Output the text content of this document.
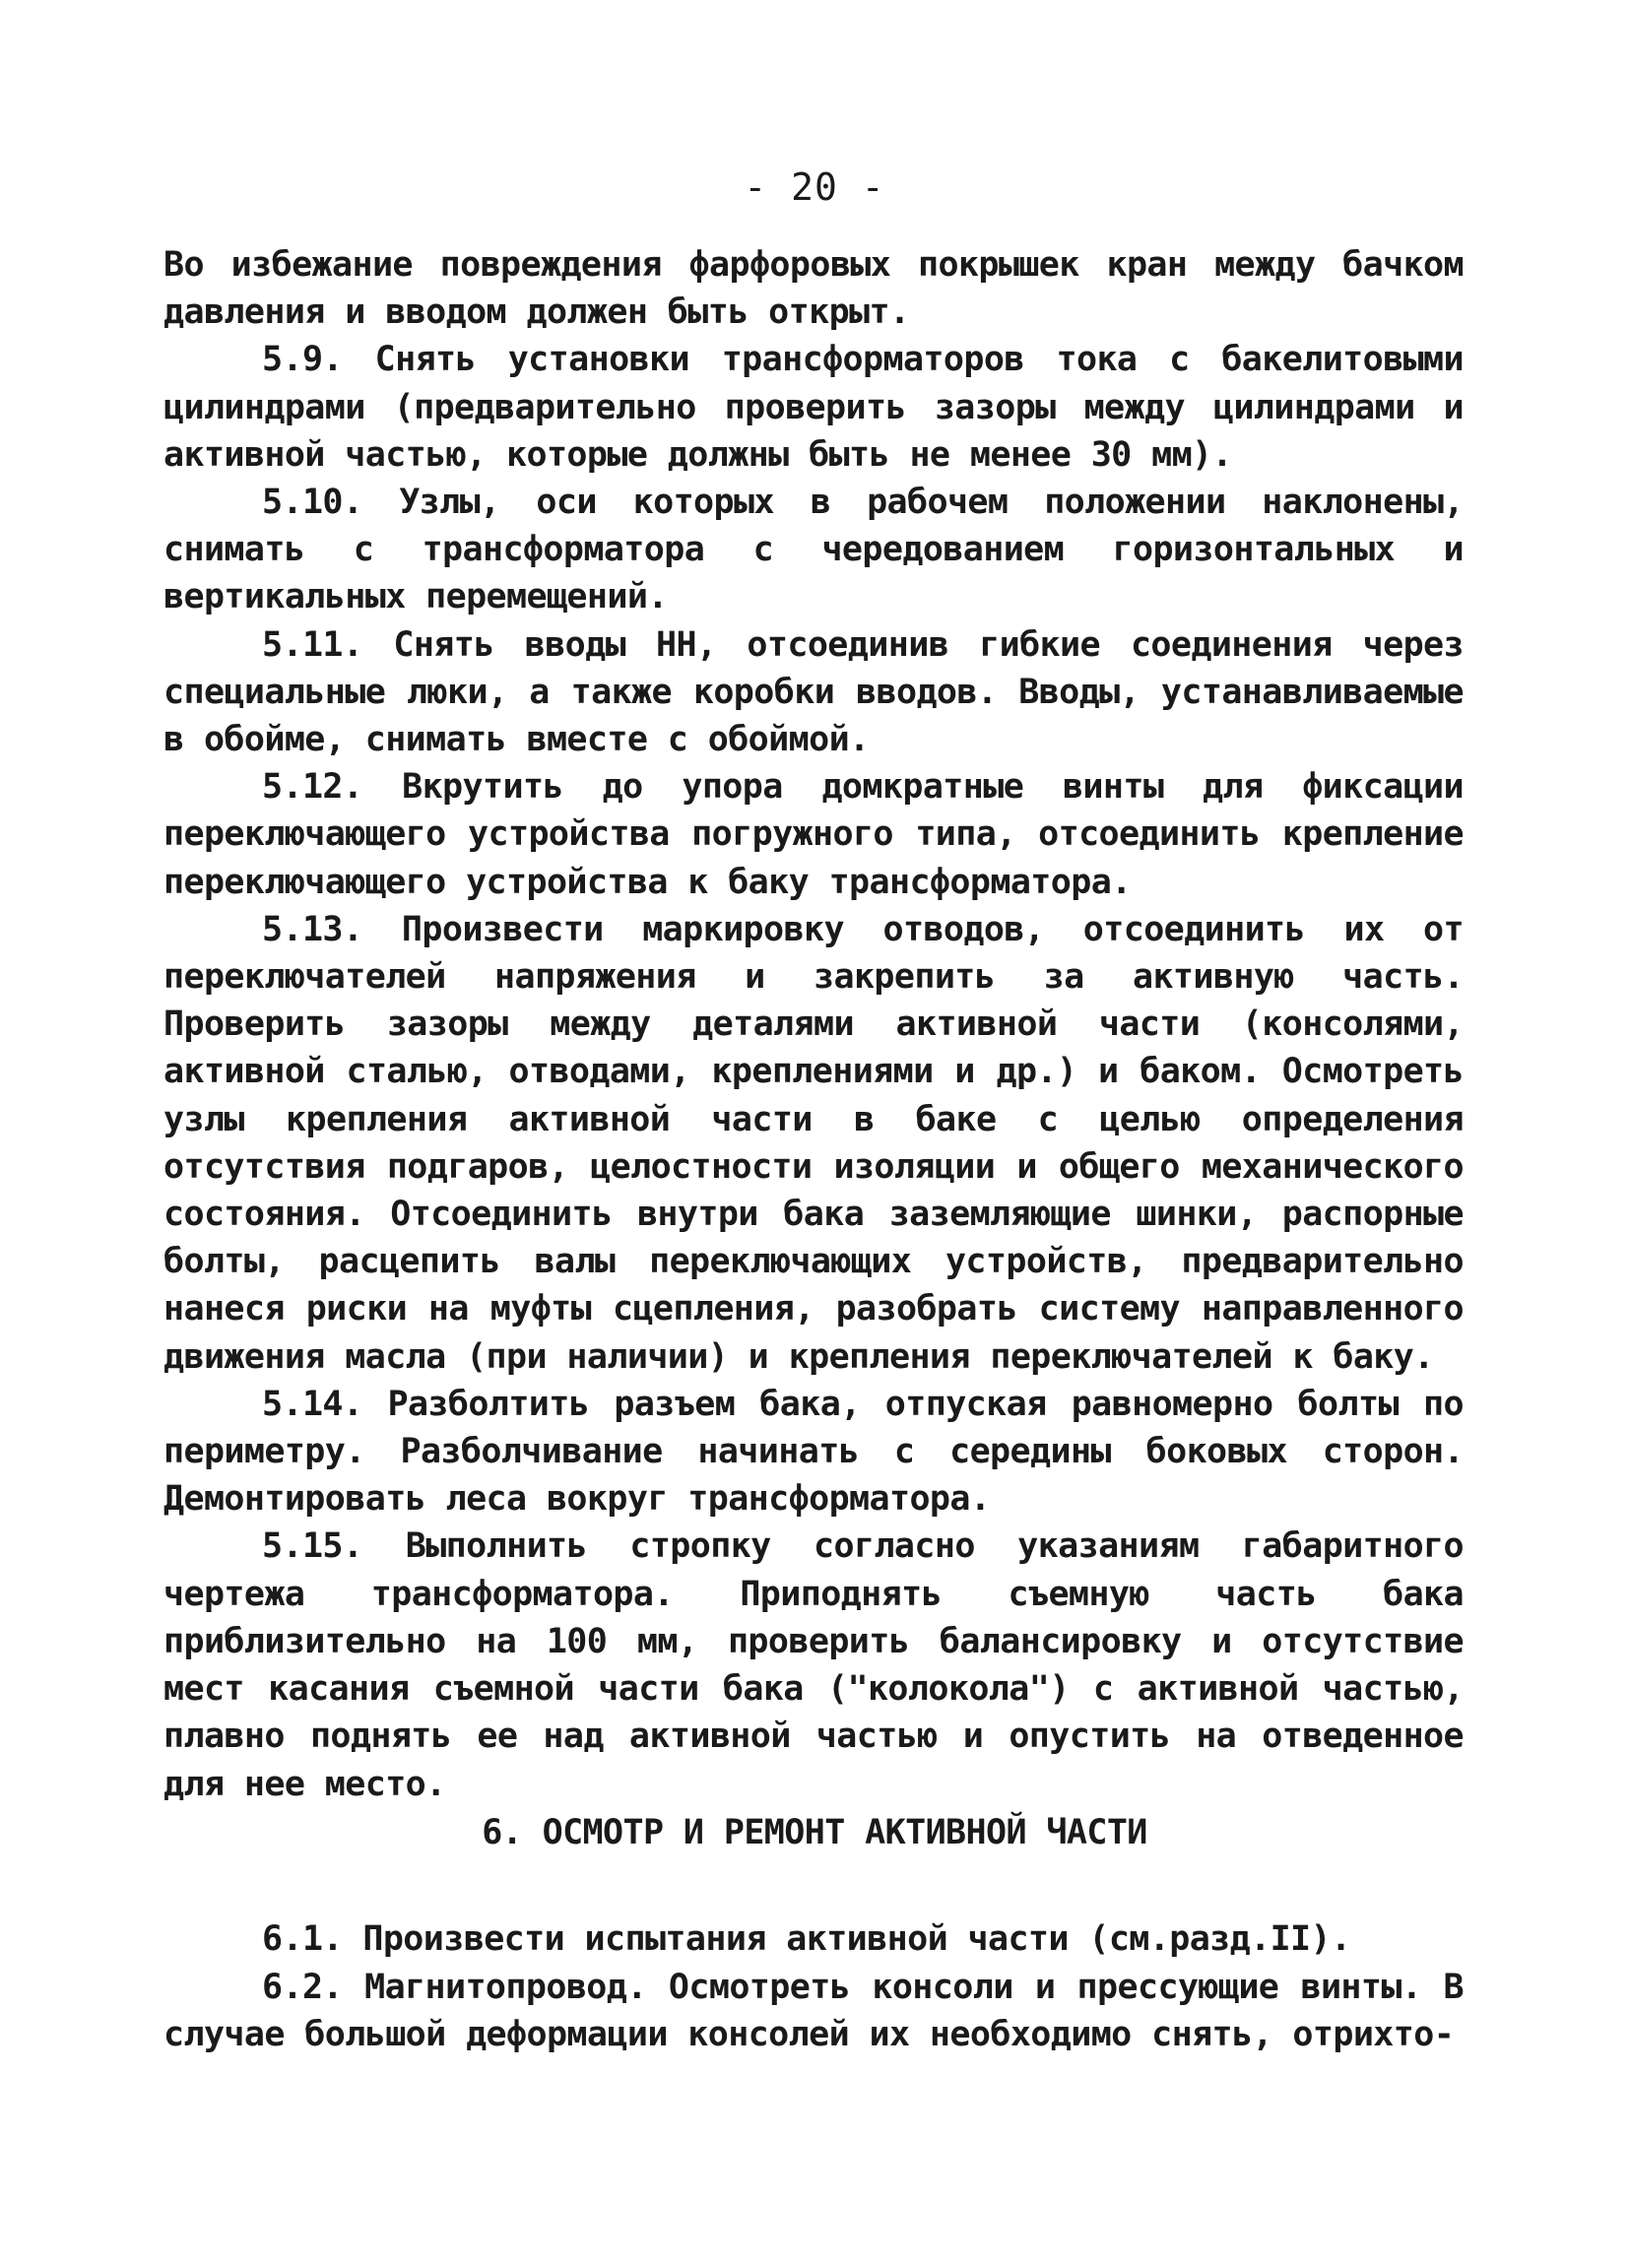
- 20 -

Во избежание повреждения фарфоровых покрышек кран между бачком давления и вводом должен быть открыт.

5.9. Снять установки трансформаторов тока с бакелитовыми цилиндрами (предварительно проверить зазоры между цилиндрами и активной частью, которые должны быть не менее 30 мм).

5.10. Узлы, оси которых в рабочем положении наклонены, снимать с трансформатора с чередованием горизонтальных и вертикальных перемещений.

5.11. Снять вводы НН, отсоединив гибкие соединения через специальные люки, а также коробки вводов. Вводы, устанавливаемые в обойме, снимать вместе с обоймой.

5.12. Вкрутить до упора домкратные винты для фиксации переключающего устройства погружного типа, отсоединить крепление переключающего устройства к баку трансформатора.

5.13. Произвести маркировку отводов, отсоединить их от переключателей напряжения и закрепить за активную часть. Проверить зазоры между деталями активной части (консолями, активной сталью, отводами, креплениями и др.) и баком. Осмотреть узлы крепления активной части в баке с целью определения отсутствия подгаров, целостности изоляции и общего механического состояния. Отсоединить внутри бака заземляющие шинки, распорные болты, расцепить валы переключающих устройств, предварительно нанеся риски на муфты сцепления, разобрать систему направленного движения масла (при наличии) и крепления переключателей к баку.

5.14. Разболтить разъем бака, отпуская равномерно болты по периметру. Разболчивание начинать с середины боковых сторон. Демонтировать леса вокруг трансформатора.

5.15. Выполнить стропку согласно указаниям габаритного чертежа трансформатора. Приподнять съемную часть бака приблизительно на 100 мм, проверить балансировку и отсутствие мест касания съемной части бака ("колокола") с активной частью, плавно поднять ее над активной частью и опустить на отведенное для нее место.

6. ОСМОТР И РЕМОНТ АКТИВНОЙ ЧАСТИ

6.1. Произвести испытания активной части (см.разд.II).

6.2. Магнитопровод. Осмотреть консоли и прессующие винты. В случае большой деформации консолей их необходимо снять, отрихто-
